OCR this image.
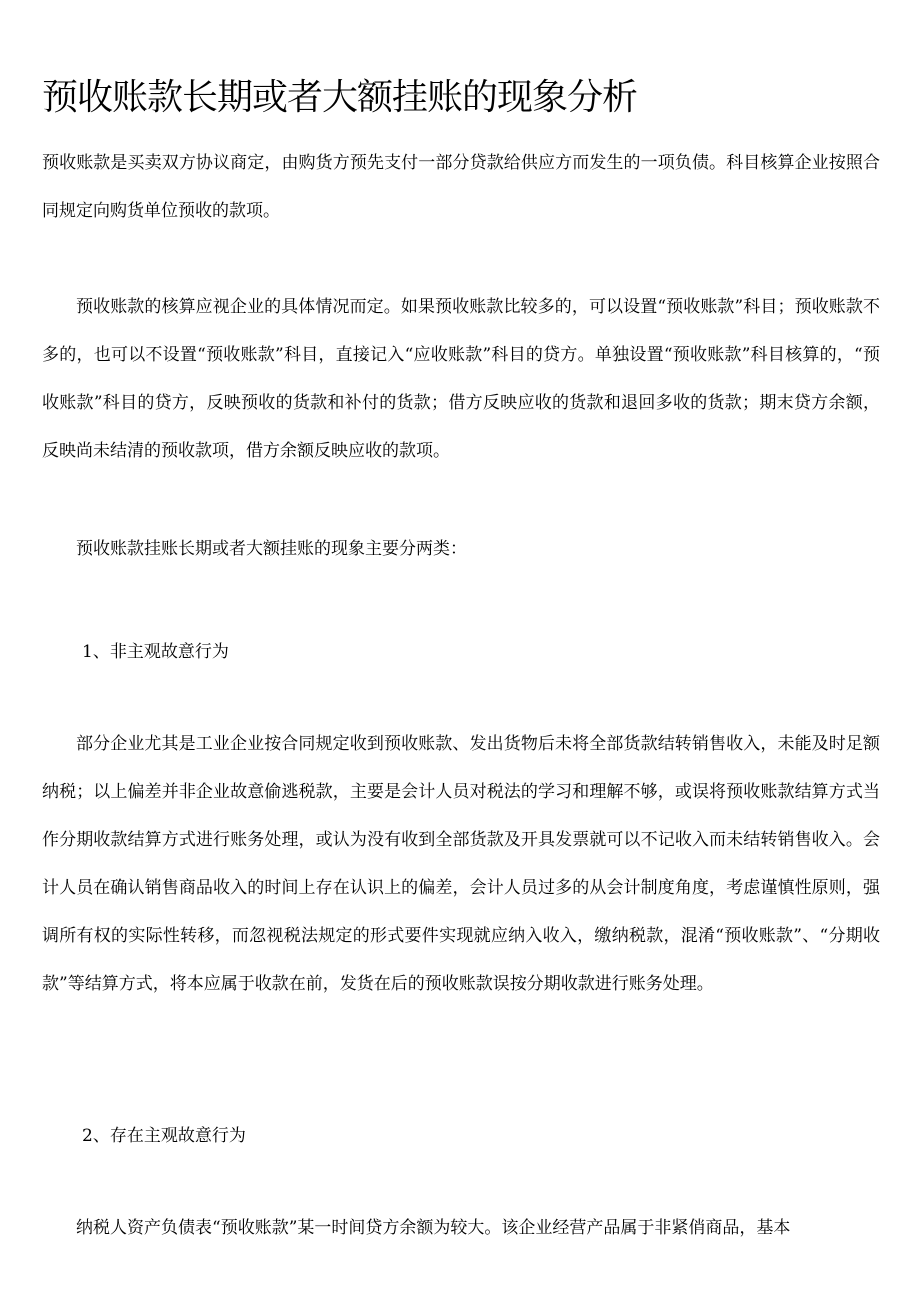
预收账款长期或者大额挂账的现象分析

预收账款是买卖双方协议商定，由购货方预先支付一部分贷款给供应方而发生的一项负债。科目核算企业按照合同规定向购货单位预收的款项。

预收账款的核算应视企业的具体情况而定。如果预收账款比较多的，可以设置“预收账款”科目；预收账款不多的，也可以不设置“预收账款”科目，直接记入“应收账款”科目的贷方。单独设置“预收账款”科目核算的，“预收账款”科目的贷方，反映预收的货款和补付的货款；借方反映应收的货款和退回多收的货款；期末贷方余额，反映尚未结清的预收款项，借方余额反映应收的款项。

预收账款挂账长期或者大额挂账的现象主要分两类：

1、非主观故意行为

部分企业尤其是工业企业按合同规定收到预收账款、发出货物后未将全部货款结转销售收入，未能及时足额纳税；以上偏差并非企业故意偷逃税款，主要是会计人员对税法的学习和理解不够，或误将预收账款结算方式当作分期收款结算方式进行账务处理，或认为没有收到全部货款及开具发票就可以不记收入而未结转销售收入。会计人员在确认销售商品收入的时间上存在认识上的偏差，会计人员过多的从会计制度角度，考虑谨慎性原则，强调所有权的实际性转移，而忽视税法规定的形式要件实现就应纳入收入，缴纳税款，混淆“预收账款”、“分期收款”等结算方式，将本应属于收款在前，发货在后的预收账款误按分期收款进行账务处理。

2、存在主观故意行为

纳税人资产负债表“预收账款”某一时间贷方余额为较大。该企业经营产品属于非紧俏商品，基本
